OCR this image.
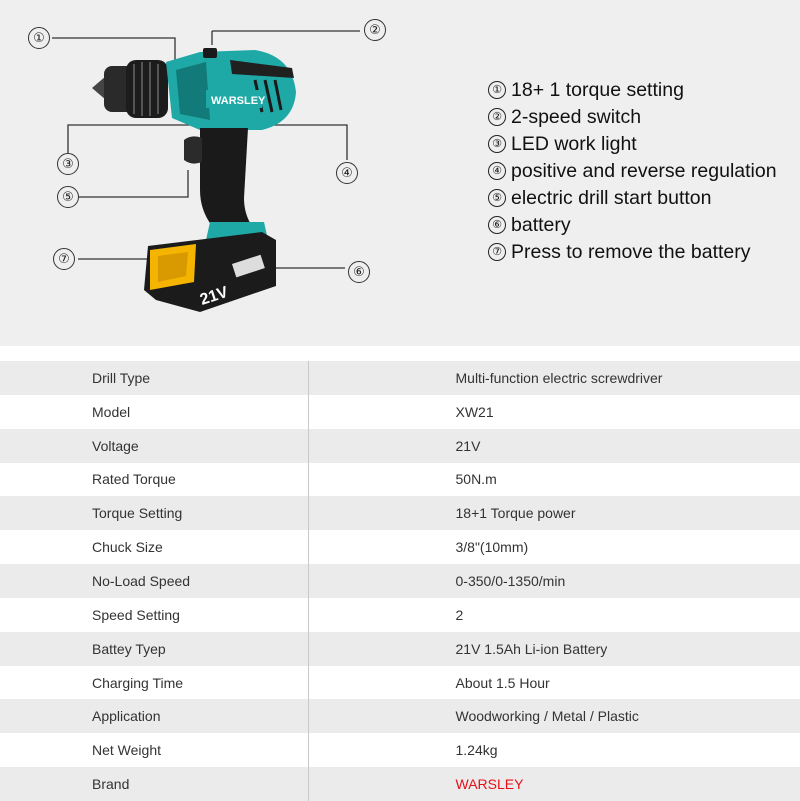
WARSLEY
21V
①
②
③
④
⑤
⑥
⑦
① 18+ 1 torque setting
② 2-speed switch
③ LED work light
④ positive and reverse regulation
⑤ electric drill start button
⑥ battery
⑦ Press to remove the battery
Drill Type	Multi-function electric screwdriver
Model	XW21
Voltage	21V
Rated Torque	50N.m
Torque Setting	18+1 Torque power
Chuck Size	3/8"(10mm)
No-Load Speed	0-350/0-1350/min
Speed Setting	2
Battey Tyep	21V 1.5Ah Li-ion Battery
Charging Time	About 1.5 Hour
Application	Woodworking / Metal / Plastic
Net Weight	1.24kg
Brand	WARSLEY
